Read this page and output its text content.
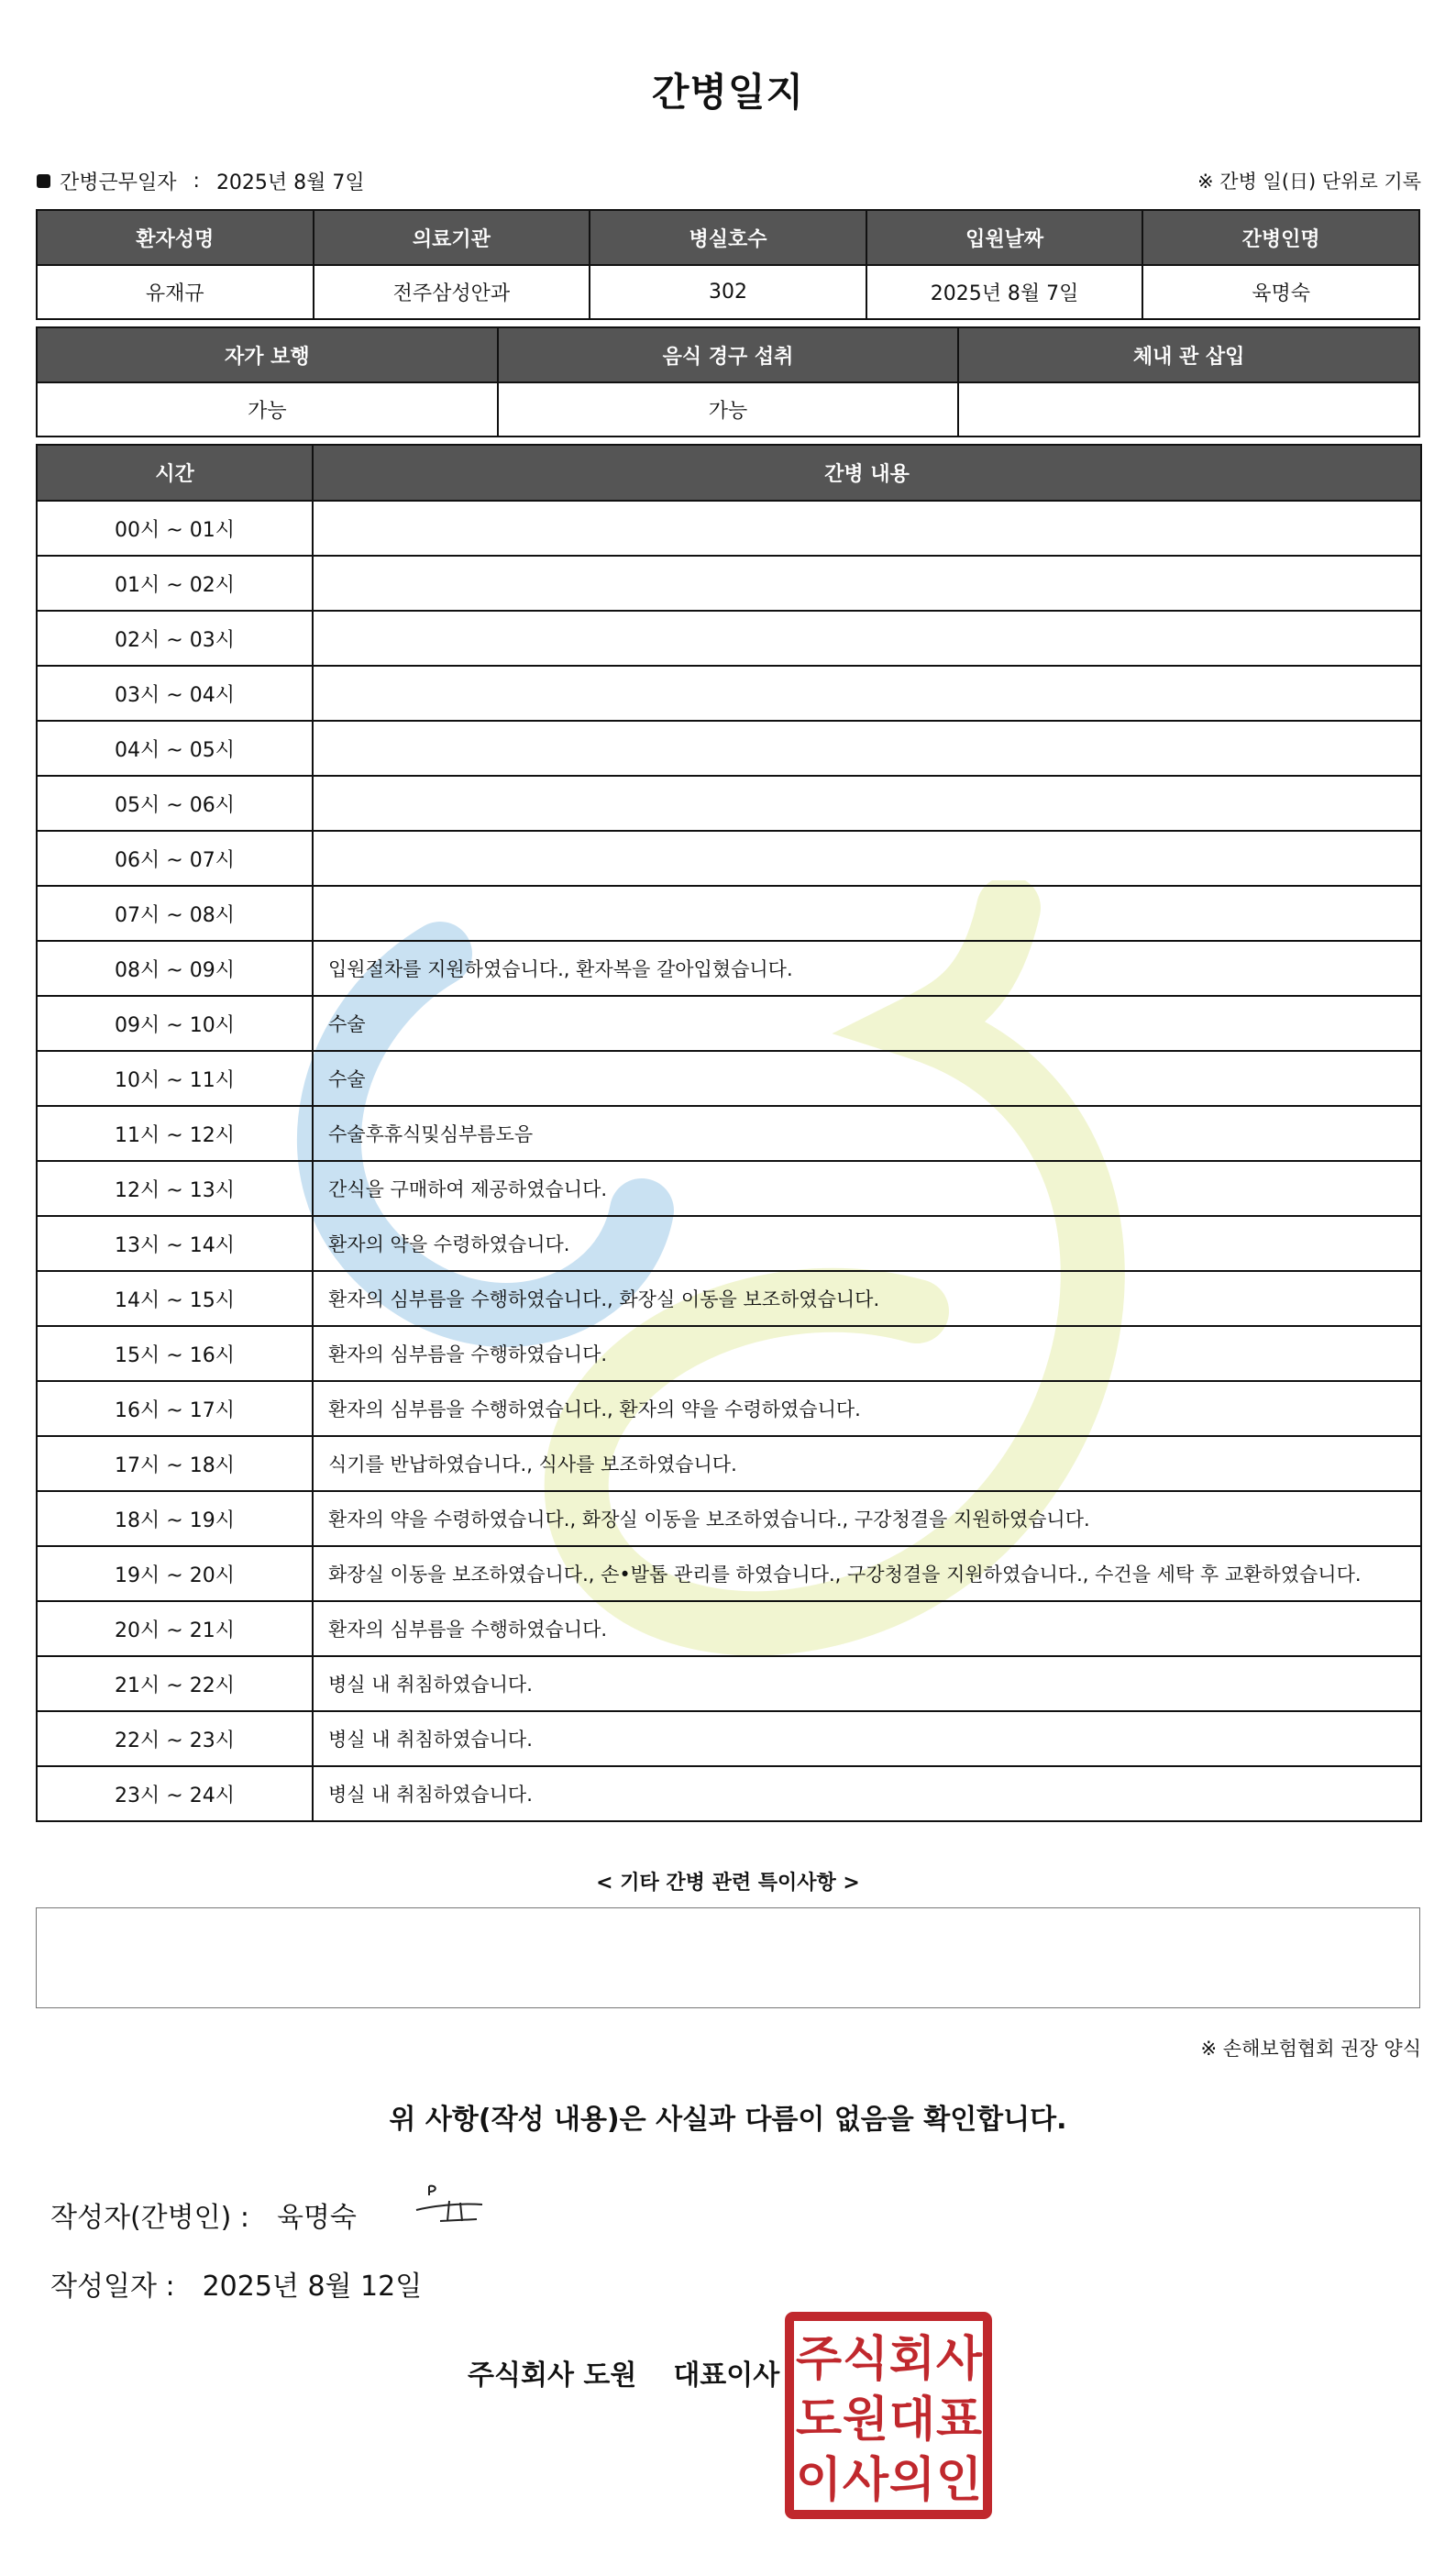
간병일지
간병근무일자 : 2025년 8월 7일	※ 간병 일(日) 단위로 기록
환자성명	의료기관	병실호수	입원날짜	간병인명
유재규	전주삼성안과	302	2025년 8월 7일	육명숙
자가 보행	음식 경구 섭취	체내 관 삽입
가능	가능	
시간	간병 내용
00시 ~ 01시	
01시 ~ 02시	
02시 ~ 03시	
03시 ~ 04시	
04시 ~ 05시	
05시 ~ 06시	
06시 ~ 07시	
07시 ~ 08시	
08시 ~ 09시	입원절차를 지원하였습니다., 환자복을 갈아입혔습니다.
09시 ~ 10시	수술
10시 ~ 11시	수술
11시 ~ 12시	수술후휴식및심부름도음
12시 ~ 13시	간식을 구매하여 제공하였습니다.
13시 ~ 14시	환자의 약을 수령하였습니다.
14시 ~ 15시	환자의 심부름을 수행하였습니다., 화장실 이동을 보조하였습니다.
15시 ~ 16시	환자의 심부름을 수행하였습니다.
16시 ~ 17시	환자의 심부름을 수행하였습니다., 환자의 약을 수령하였습니다.
17시 ~ 18시	식기를 반납하였습니다., 식사를 보조하였습니다.
18시 ~ 19시	환자의 약을 수령하였습니다., 화장실 이동을 보조하였습니다., 구강청결을 지원하였습니다.
19시 ~ 20시	화장실 이동을 보조하였습니다., 손•발톱 관리를 하였습니다., 구강청결을 지원하였습니다., 수건을 세탁 후 교환하였습니다.
20시 ~ 21시	환자의 심부름을 수행하였습니다.
21시 ~ 22시	병실 내 취침하였습니다.
22시 ~ 23시	병실 내 취침하였습니다.
23시 ~ 24시	병실 내 취침하였습니다.
< 기타 간병 관련 특이사항 >
※ 손해보험협회 권장 양식
위 사항(작성 내용)은 사실과 다름이 없음을 확인합니다.
작성자(간병인) : 육명숙
작성일자 : 2025년 8월 12일
주식회사 도원 대표이사 주 식 회 사
도 원 대 표
이 사 의 인
